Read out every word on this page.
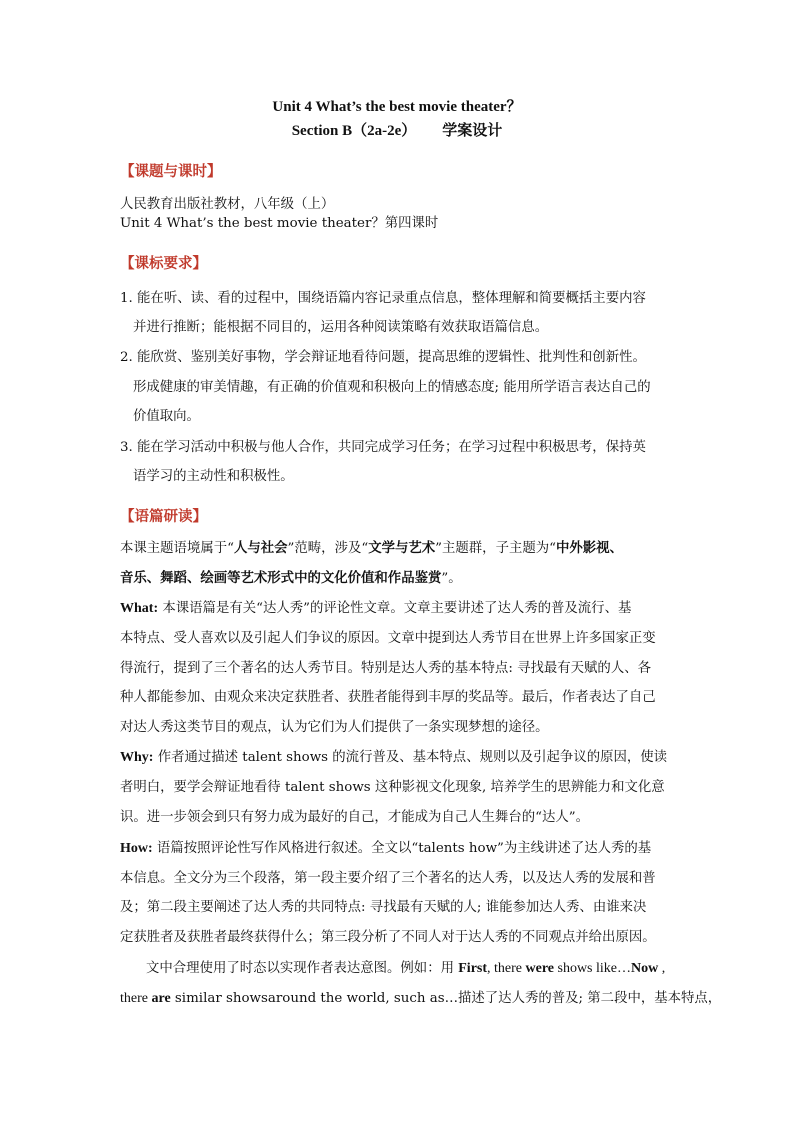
Unit 4 What’s the best movie theater？
Section B（2a-2e） 学案设计
【课题与课时】
人民教育出版社教材，八年级（上）
Unit 4 What’s the best movie theater？第四课时
【课标要求】
1. 能在听、读、看的过程中，围绕语篇内容记录重点信息，整体理解和简要概括主要内容
并进行推断；能根据不同目的，运用各种阅读策略有效获取语篇信息。
2. 能欣赏、鉴别美好事物，学会辩证地看待问题，提高思维的逻辑性、批判性和创新性。
形成健康的审美情趣，有正确的价值观和积极向上的情感态度; 能用所学语言表达自己的
价值取向。
3. 能在学习活动中积极与他人合作，共同完成学习任务；在学习过程中积极思考，保持英
语学习的主动性和积极性。
【语篇研读】
本课主题语境属于“人与社会”范畴，涉及“文学与艺术”主题群，子主题为“中外影视、
音乐、舞蹈、绘画等艺术形式中的文化价值和作品鉴赏”。
What: 本课语篇是有关“达人秀”的评论性文章。文章主要讲述了达人秀的普及流行、基
本特点、受人喜欢以及引起人们争议的原因。文章中提到达人秀节目在世界上许多国家正变
得流行，提到了三个著名的达人秀节目。特别是达人秀的基本特点: 寻找最有天赋的人、各
种人都能参加、由观众来决定获胜者、获胜者能得到丰厚的奖品等。最后，作者表达了自己
对达人秀这类节目的观点，认为它们为人们提供了一条实现梦想的途径。
Why: 作者通过描述 talent shows 的流行普及、基本特点、规则以及引起争议的原因，使读
者明白，要学会辩证地看待 talent shows 这种影视文化现象, 培养学生的思辨能力和文化意
识。进一步领会到只有努力成为最好的自己，才能成为自己人生舞台的“达人”。
How: 语篇按照评论性写作风格进行叙述。全文以“talents how”为主线讲述了达人秀的基
本信息。全文分为三个段落，第一段主要介绍了三个著名的达人秀，以及达人秀的发展和普
及；第二段主要阐述了达人秀的共同特点: 寻找最有天赋的人; 谁能参加达人秀、由谁来决
定获胜者及获胜者最终获得什么；第三段分析了不同人对于达人秀的不同观点并给出原因。
文中合理使用了时态以实现作者表达意图。例如：用 First, there were shows like…Now ,
there are similar showsaround the world, such as…描述了达人秀的普及; 第二段中，基本特点，
